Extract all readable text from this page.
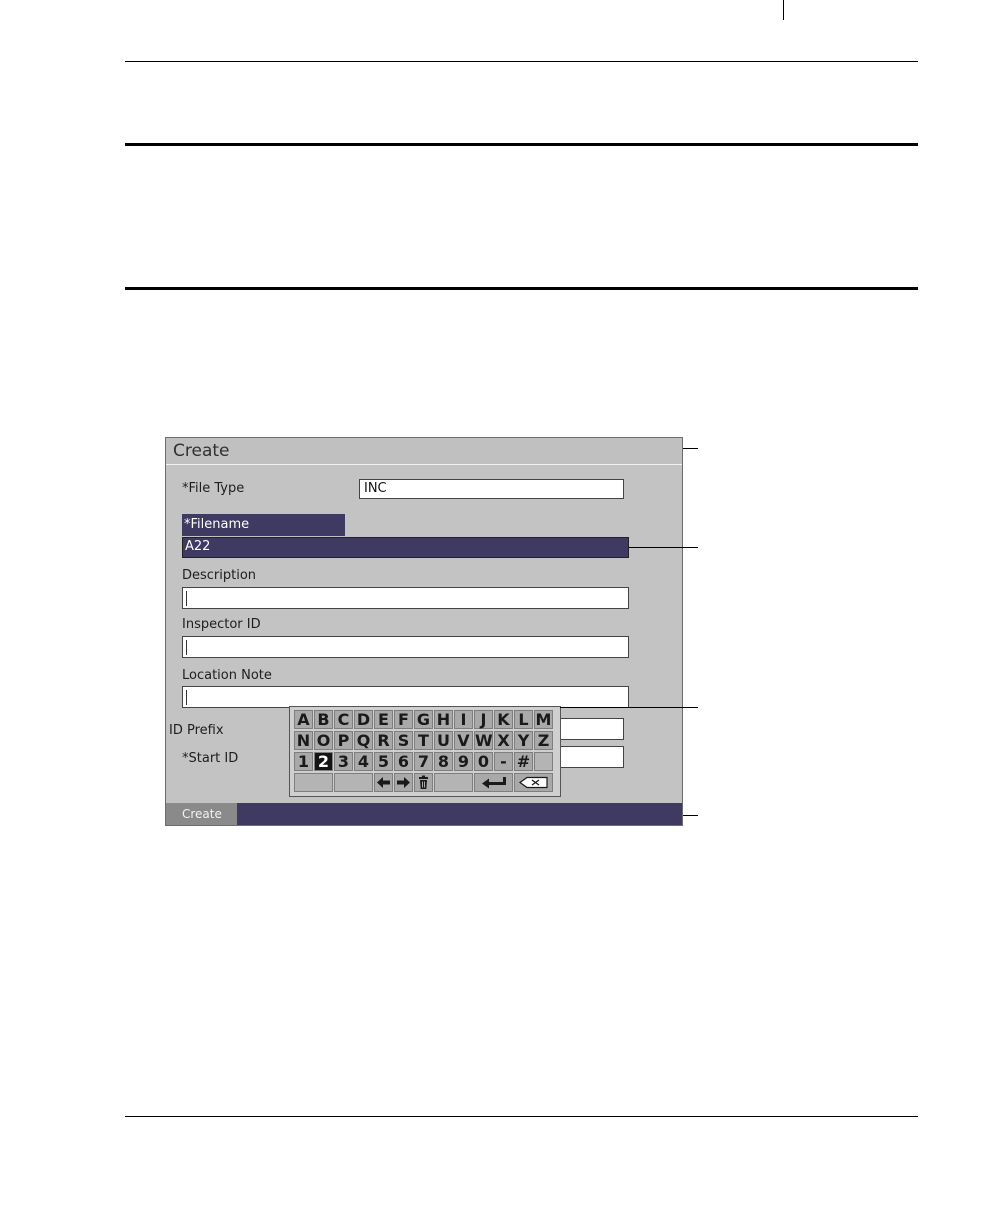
Create
*File Type	INC
*Filename
A22
Description
Inspector ID
Location Note
ID Prefix
*Start ID
A B C D E F G H I J K L M
N O P Q R S T U V W X Y Z
1 2 3 4 5 6 7 8 9 0 - #
Create
